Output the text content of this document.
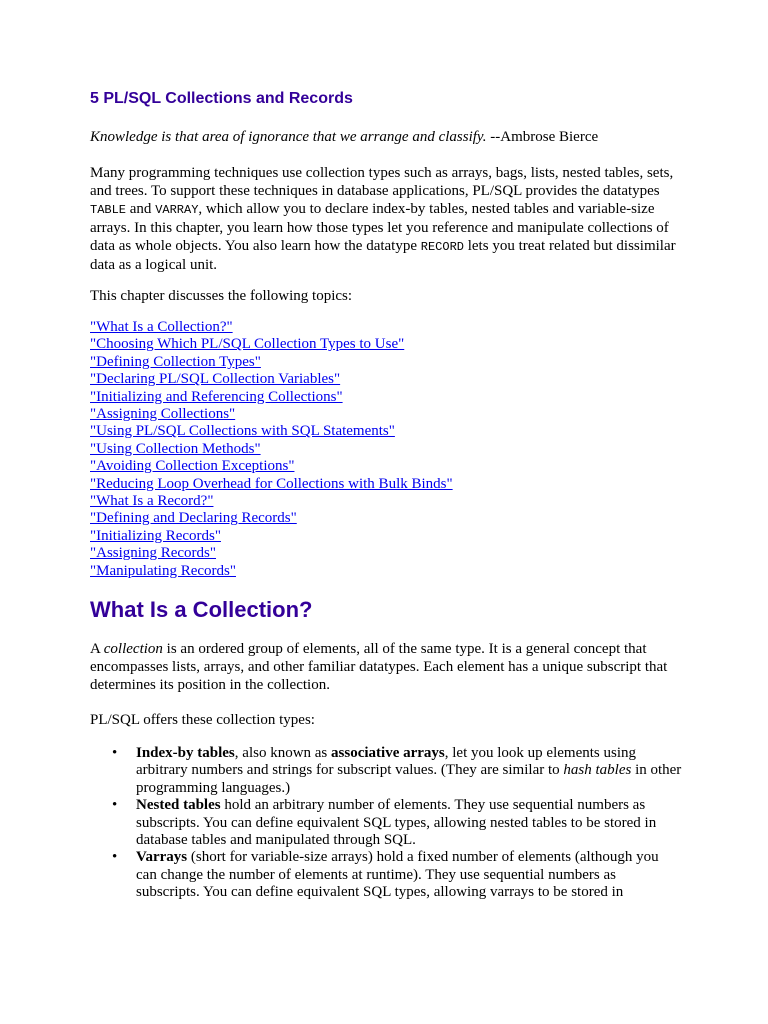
5 PL/SQL Collections and Records

Knowledge is that area of ignorance that we arrange and classify. --Ambrose Bierce

Many programming techniques use collection types such as arrays, bags, lists, nested tables, sets, and trees. To support these techniques in database applications, PL/SQL provides the datatypes TABLE and VARRAY, which allow you to declare index-by tables, nested tables and variable-size arrays. In this chapter, you learn how those types let you reference and manipulate collections of data as whole objects. You also learn how the datatype RECORD lets you treat related but dissimilar data as a logical unit.

This chapter discusses the following topics:

"What Is a Collection?"
"Choosing Which PL/SQL Collection Types to Use"
"Defining Collection Types"
"Declaring PL/SQL Collection Variables"
"Initializing and Referencing Collections"
"Assigning Collections"
"Using PL/SQL Collections with SQL Statements"
"Using Collection Methods"
"Avoiding Collection Exceptions"
"Reducing Loop Overhead for Collections with Bulk Binds"
"What Is a Record?"
"Defining and Declaring Records"
"Initializing Records"
"Assigning Records"
"Manipulating Records"
What Is a Collection?

A collection is an ordered group of elements, all of the same type. It is a general concept that encompasses lists, arrays, and other familiar datatypes. Each element has a unique subscript that determines its position in the collection.

PL/SQL offers these collection types:

• Index-by tables, also known as associative arrays, let you look up elements using arbitrary numbers and strings for subscript values. (They are similar to hash tables in other programming languages.)
• Nested tables hold an arbitrary number of elements. They use sequential numbers as subscripts. You can define equivalent SQL types, allowing nested tables to be stored in database tables and manipulated through SQL.
• Varrays (short for variable-size arrays) hold a fixed number of elements (although you can change the number of elements at runtime). They use sequential numbers as subscripts. You can define equivalent SQL types, allowing varrays to be stored in
